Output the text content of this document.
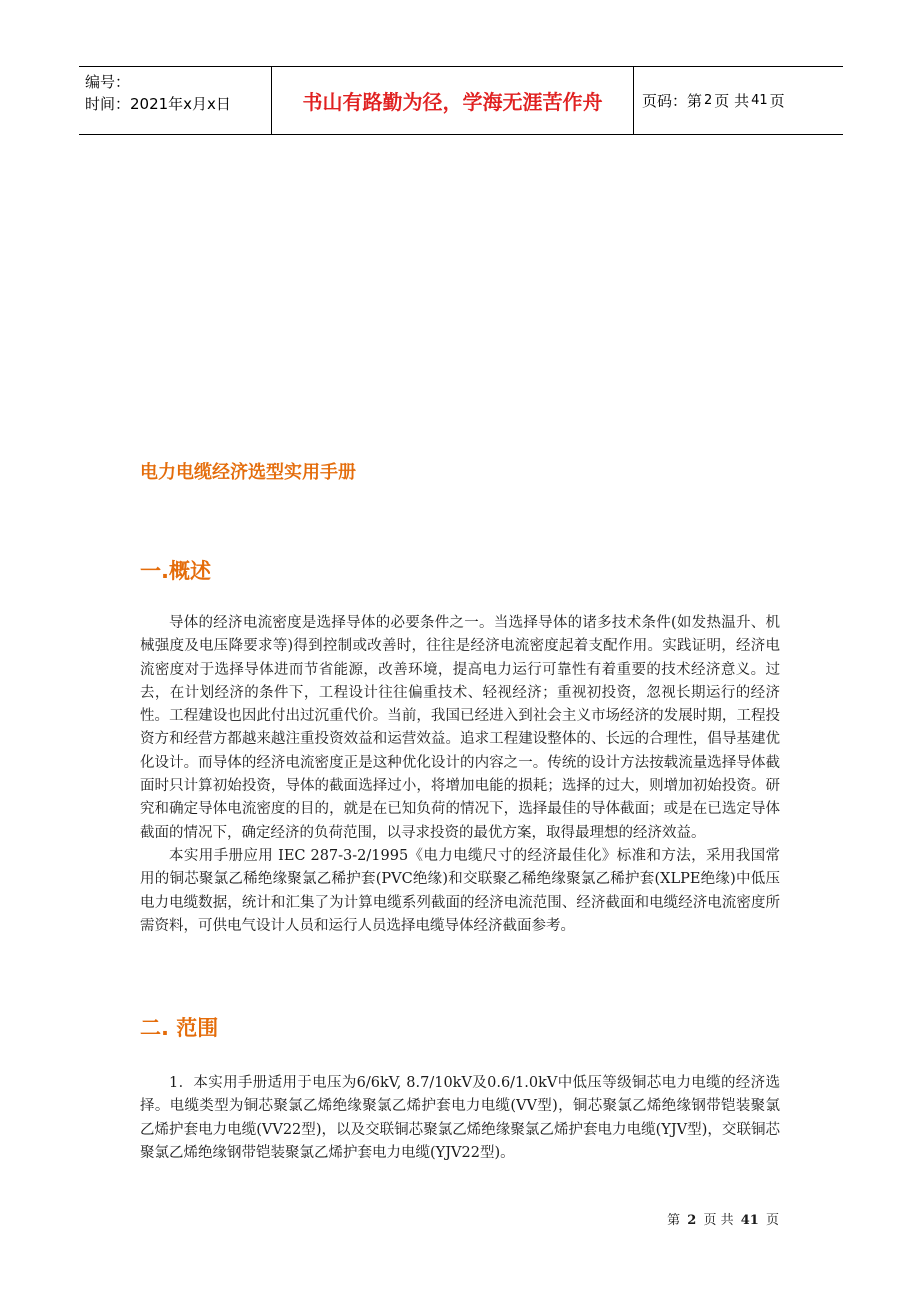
编号：
时间：2021年x月x日	书山有路勤为径，学海无涯苦作舟	页码：第 2 页 共 41 页
电力电缆经济选型实用手册
一.概述

导体的经济电流密度是选择导体的必要条件之一。当选择导体的诸多技术条件(如发热温升、机械强度及电压降要求等)得到控制或改善时，往往是经济电流密度起着支配作用。实践证明，经济电流密度对于选择导体进而节省能源，改善环境，提高电力运行可靠性有着重要的技术经济意义。过去，在计划经济的条件下，工程设计往往偏重技术、轻视经济；重视初投资，忽视长期运行的经济性。工程建设也因此付出过沉重代价。当前，我国已经进入到社会主义市场经济的发展时期，工程投资方和经营方都越来越注重投资效益和运营效益。追求工程建设整体的、长远的合理性，倡导基建优化设计。而导体的经济电流密度正是这种优化设计的内容之一。传统的设计方法按载流量选择导体截面时只计算初始投资，导体的截面选择过小，将增加电能的损耗；选择的过大，则增加初始投资。研究和确定导体电流密度的目的，就是在已知负荷的情况下，选择最佳的导体截面；或是在已选定导体截面的情况下，确定经济的负荷范围，以寻求投资的最优方案，取得最理想的经济效益。

本实用手册应用 IEC 287-3-2/1995《电力电缆尺寸的经济最佳化》标准和方法，采用我国常用的铜芯聚氯乙稀绝缘聚氯乙稀护套(PVC绝缘)和交联聚乙稀绝缘聚氯乙稀护套(XLPE绝缘)中低压电力电缆数据，统计和汇集了为计算电缆系列截面的经济电流范围、经济截面和电缆经济电流密度所需资料，可供电气设计人员和运行人员选择电缆导体经济截面参考。

二. 范围

1．本实用手册适用于电压为6/6kV, 8.7/10kV及0.6/1.0kV中低压等级铜芯电力电缆的经济选择。电缆类型为铜芯聚氯乙烯绝缘聚氯乙烯护套电力电缆(VV型)，铜芯聚氯乙烯绝缘钢带铠装聚氯乙烯护套电力电缆(VV22型)，以及交联铜芯聚氯乙烯绝缘聚氯乙烯护套电力电缆(YJV型)，交联铜芯聚氯乙烯绝缘钢带铠装聚氯乙烯护套电力电缆(YJV22型)。

第 2 页 共 41 页
